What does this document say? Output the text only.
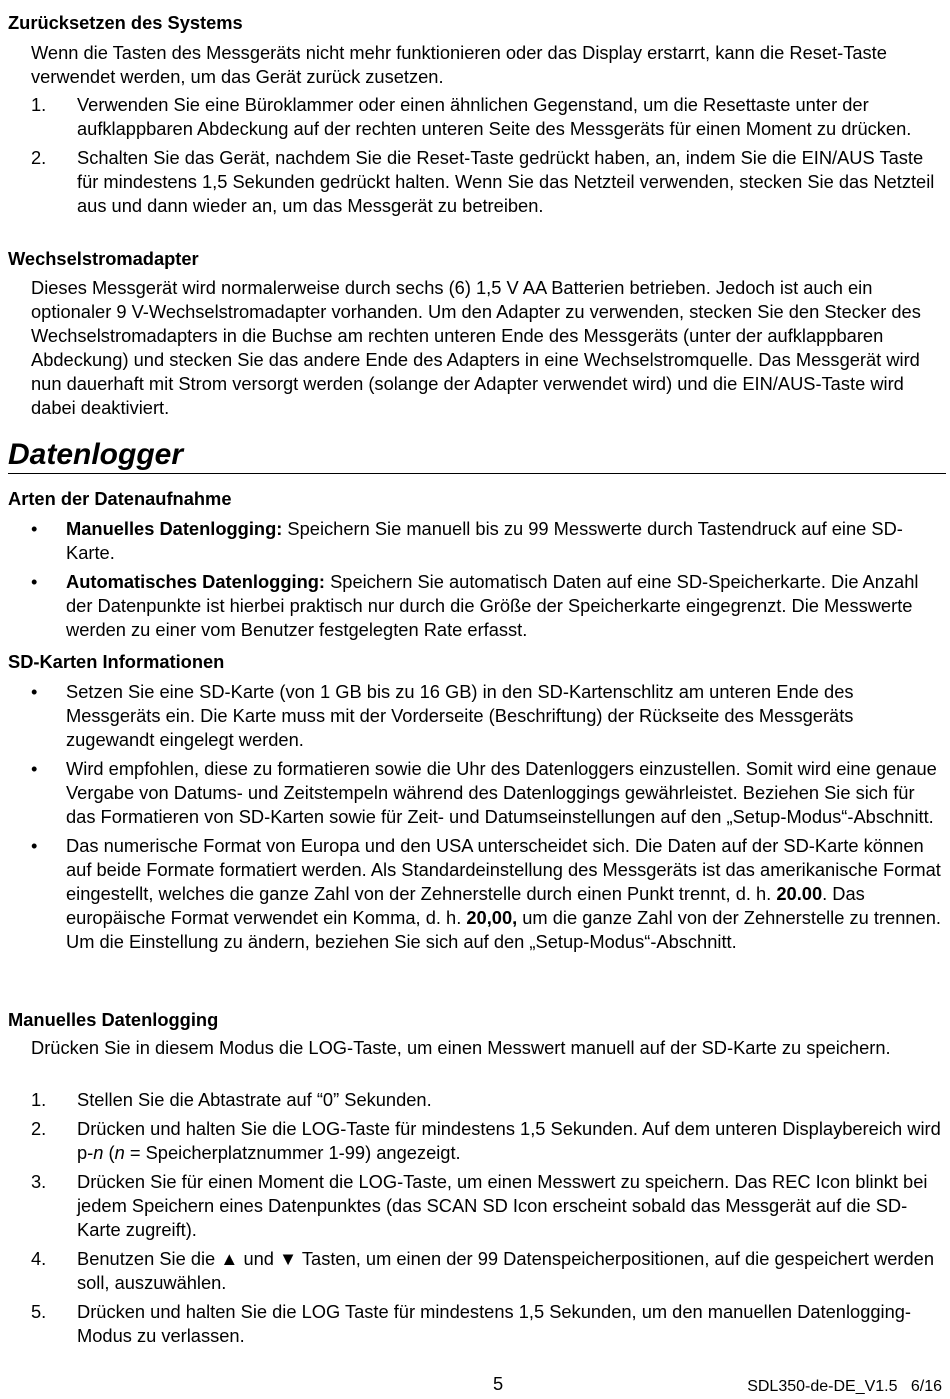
Zurücksetzen des Systems

Wenn die Tasten des Messgeräts nicht mehr funktionieren oder das Display erstarrt, kann die Reset-Taste verwendet werden, um das Gerät zurück zusetzen.

1. Verwenden Sie eine Büroklammer oder einen ähnlichen Gegenstand, um die Resettaste unter der aufklappbaren Abdeckung auf der rechten unteren Seite des Messgeräts für einen Moment zu drücken.
2. Schalten Sie das Gerät, nachdem Sie die Reset-Taste gedrückt haben, an, indem Sie die EIN/AUS Taste für mindestens 1,5 Sekunden gedrückt halten. Wenn Sie das Netzteil verwenden, stecken Sie das Netzteil aus und dann wieder an, um das Messgerät zu betreiben.
Wechselstromadapter

Dieses Messgerät wird normalerweise durch sechs (6) 1,5 V AA Batterien betrieben. Jedoch ist auch ein optionaler 9 V-Wechselstromadapter vorhanden. Um den Adapter zu verwenden, stecken Sie den Stecker des Wechselstromadapters in die Buchse am rechten unteren Ende des Messgeräts (unter der aufklappbaren Abdeckung) und stecken Sie das andere Ende des Adapters in eine Wechselstromquelle. Das Messgerät wird nun dauerhaft mit Strom versorgt werden (solange der Adapter verwendet wird) und die EIN/AUS-Taste wird dabei deaktiviert.

Datenlogger
Arten der Datenaufnahme
• Manuelles Datenlogging: Speichern Sie manuell bis zu 99 Messwerte durch Tastendruck auf eine SD-Karte.
• Automatisches Datenlogging: Speichern Sie automatisch Daten auf eine SD-Speicherkarte. Die Anzahl der Datenpunkte ist hierbei praktisch nur durch die Größe der Speicherkarte eingegrenzt. Die Messwerte werden zu einer vom Benutzer festgelegten Rate erfasst.
SD-Karten Informationen
• Setzen Sie eine SD-Karte (von 1 GB bis zu 16 GB) in den SD-Kartenschlitz am unteren Ende des Messgeräts ein. Die Karte muss mit der Vorderseite (Beschriftung) der Rückseite des Messgeräts zugewandt eingelegt werden.
• Wird empfohlen, diese zu formatieren sowie die Uhr des Datenloggers einzustellen. Somit wird eine genaue Vergabe von Datums- und Zeitstempeln während des Datenloggings gewährleistet. Beziehen Sie sich für das Formatieren von SD-Karten sowie für Zeit- und Datumseinstellungen auf den „Setup-Modus“-Abschnitt.
• Das numerische Format von Europa und den USA unterscheidet sich. Die Daten auf der SD-Karte können auf beide Formate formatiert werden. Als Standardeinstellung des Messgeräts ist das amerikanische Format eingestellt, welches die ganze Zahl von der Zehnerstelle durch einen Punkt trennt, d. h. 20.00. Das europäische Format verwendet ein Komma, d. h. 20,00, um die ganze Zahl von der Zehnerstelle zu trennen. Um die Einstellung zu ändern, beziehen Sie sich auf den „Setup-Modus“-Abschnitt.
Manuelles Datenlogging

Drücken Sie in diesem Modus die LOG-Taste, um einen Messwert manuell auf der SD-Karte zu speichern.

1. Stellen Sie die Abtastrate auf “0” Sekunden.
2. Drücken und halten Sie die LOG-Taste für mindestens 1,5 Sekunden. Auf dem unteren Displaybereich wird p-n (n = Speicherplatznummer 1-99) angezeigt.
3. Drücken Sie für einen Moment die LOG-Taste, um einen Messwert zu speichern. Das REC Icon blinkt bei jedem Speichern eines Datenpunktes (das SCAN SD Icon erscheint sobald das Messgerät auf die SD-Karte zugreift).
4. Benutzen Sie die ▲ und ▼ Tasten, um einen der 99 Datenspeicherpositionen, auf die gespeichert werden soll, auszuwählen.
5. Drücken und halten Sie die LOG Taste für mindestens 1,5 Sekunden, um den manuellen Datenlogging-Modus zu verlassen.
5	SDL350-de-DE_V1.5   6/16
